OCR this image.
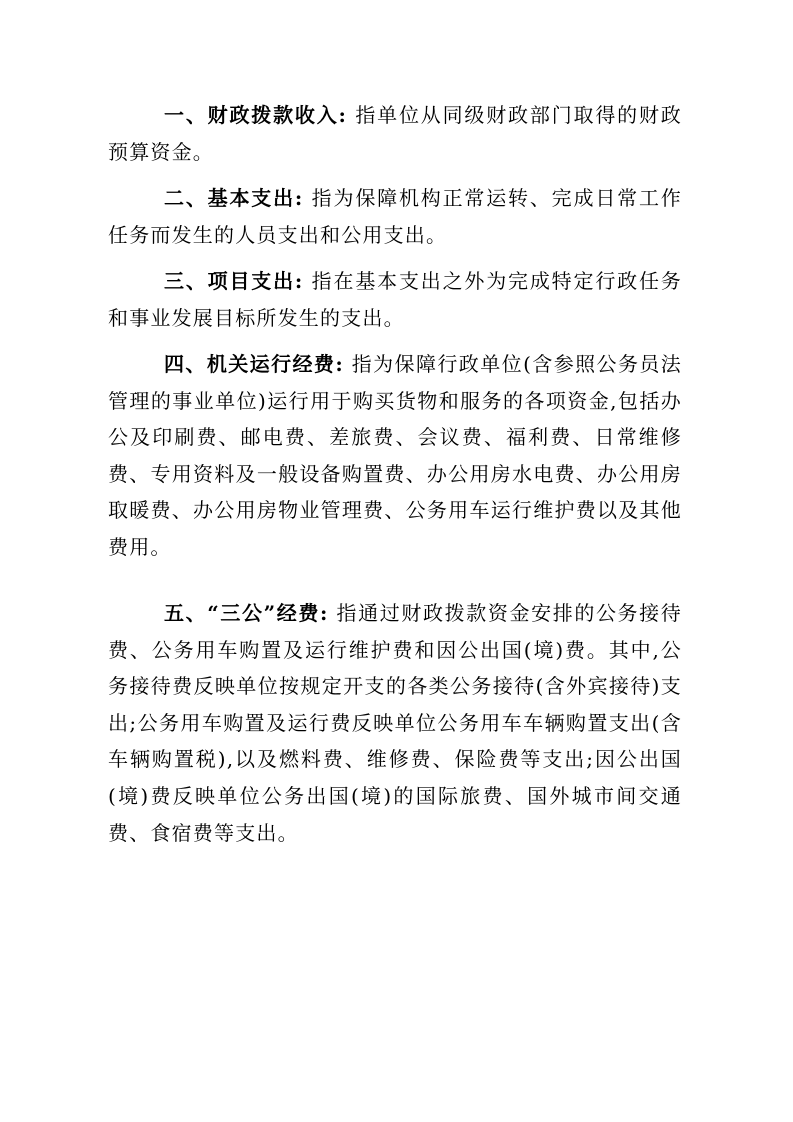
一、财政拨款收入: 指单位从同级财政部门取得的财政预算资金。

二、基本支出: 指为保障机构正常运转、完成日常工作任务而发生的人员支出和公用支出。

三、项目支出: 指在基本支出之外为完成特定行政任务和事业发展目标所发生的支出。

四、机关运行经费: 指为保障行政单位(含参照公务员法管理的事业单位)运行用于购买货物和服务的各项资金,包括办公及印刷费、邮电费、差旅费、会议费、福利费、日常维修费、专用资料及一般设备购置费、办公用房水电费、办公用房取暖费、办公用房物业管理费、公务用车运行维护费以及其他费用。

五、“三公”经费: 指通过财政拨款资金安排的公务接待费、公务用车购置及运行维护费和因公出国(境)费。其中,公务接待费反映单位按规定开支的各类公务接待(含外宾接待)支出;公务用车购置及运行费反映单位公务用车车辆购置支出(含车辆购置税),以及燃料费、维修费、保险费等支出;因公出国(境)费反映单位公务出国(境)的国际旅费、国外城市间交通费、食宿费等支出。
